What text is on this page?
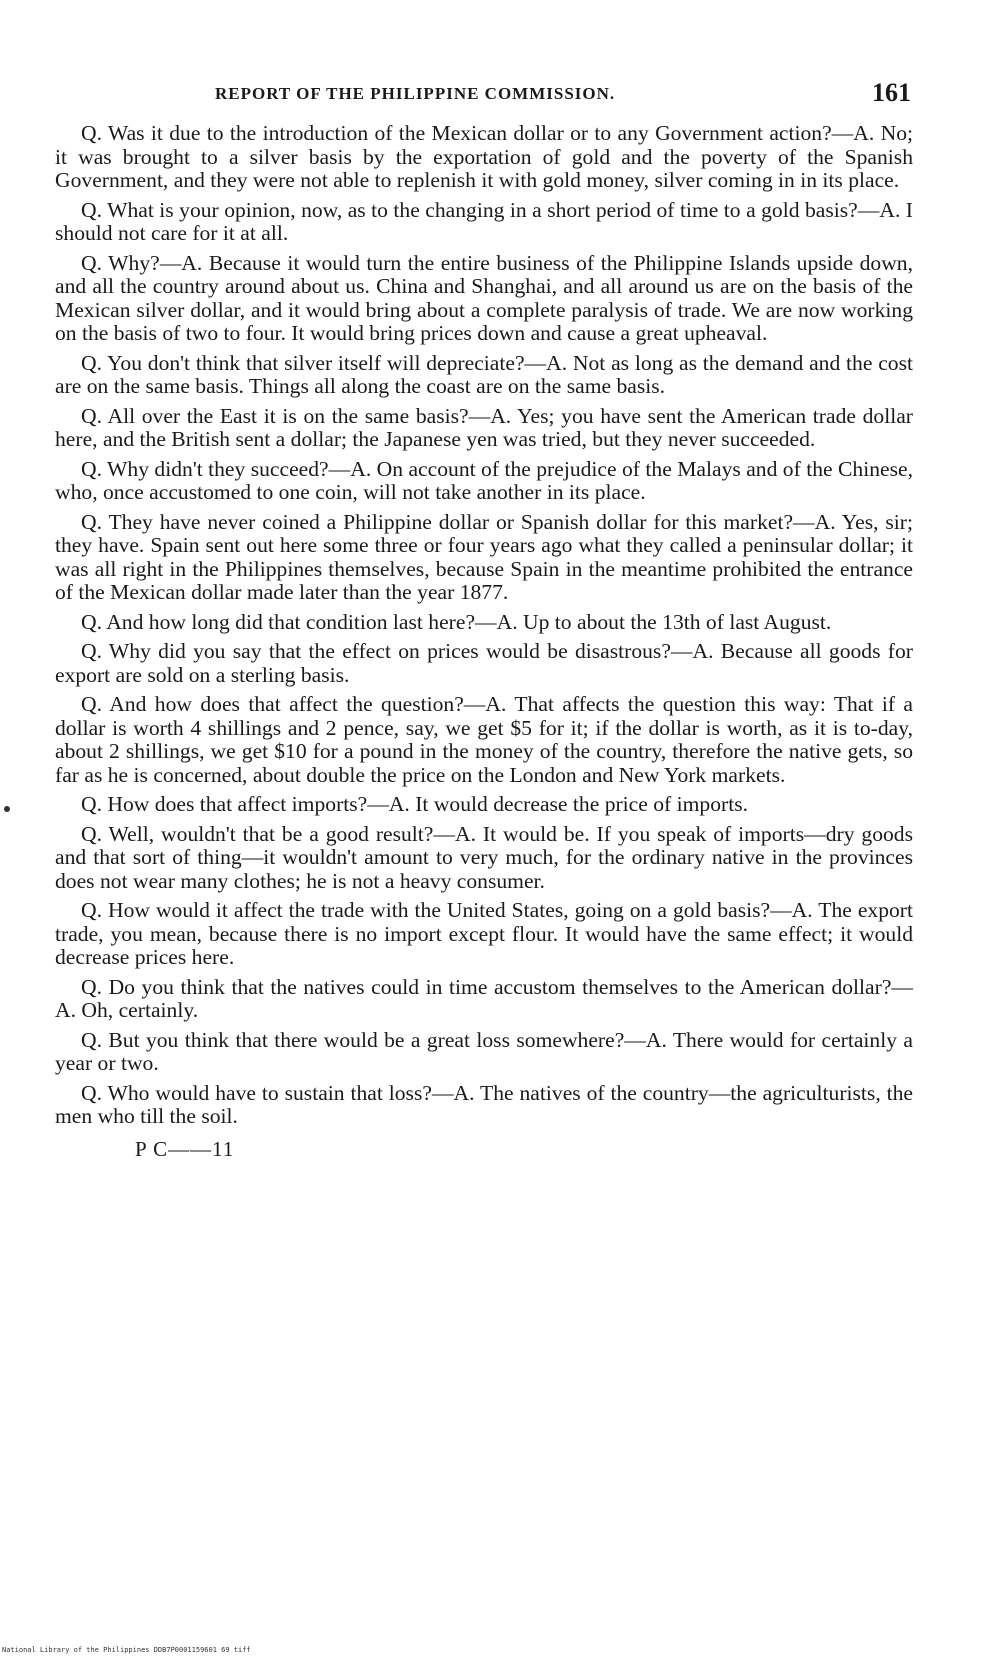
REPORT OF THE PHILIPPINE COMMISSION.	161

Q. Was it due to the introduction of the Mexican dollar or to any Government action?—A. No; it was brought to a silver basis by the exportation of gold and the poverty of the Spanish Government, and they were not able to replenish it with gold money, silver coming in in its place.

Q. What is your opinion, now, as to the changing in a short period of time to a gold basis?—A. I should not care for it at all.

Q. Why?—A. Because it would turn the entire business of the Philippine Islands upside down, and all the country around about us. China and Shanghai, and all around us are on the basis of the Mexican silver dollar, and it would bring about a complete paralysis of trade. We are now working on the basis of two to four. It would bring prices down and cause a great upheaval.

Q. You don't think that silver itself will depreciate?—A. Not as long as the demand and the cost are on the same basis. Things all along the coast are on the same basis.

Q. All over the East it is on the same basis?—A. Yes; you have sent the American trade dollar here, and the British sent a dollar; the Japanese yen was tried, but they never succeeded.

Q. Why didn't they succeed?—A. On account of the prejudice of the Malays and of the Chinese, who, once accustomed to one coin, will not take another in its place.

Q. They have never coined a Philippine dollar or Spanish dollar for this market?—A. Yes, sir; they have. Spain sent out here some three or four years ago what they called a peninsular dollar; it was all right in the Philippines themselves, because Spain in the meantime prohibited the entrance of the Mexican dollar made later than the year 1877.

Q. And how long did that condition last here?—A. Up to about the 13th of last August.

Q. Why did you say that the effect on prices would be disastrous?—A. Because all goods for export are sold on a sterling basis.

Q. And how does that affect the question?—A. That affects the question this way: That if a dollar is worth 4 shillings and 2 pence, say, we get $5 for it; if the dollar is worth, as it is to-day, about 2 shillings, we get $10 for a pound in the money of the country, therefore the native gets, so far as he is concerned, about double the price on the London and New York markets.

Q. How does that affect imports?—A. It would decrease the price of imports.

Q. Well, wouldn't that be a good result?—A. It would be. If you speak of imports—dry goods and that sort of thing—it wouldn't amount to very much, for the ordinary native in the provinces does not wear many clothes; he is not a heavy consumer.

Q. How would it affect the trade with the United States, going on a gold basis?—A. The export trade, you mean, because there is no import except flour. It would have the same effect; it would decrease prices here.

Q. Do you think that the natives could in time accustom themselves to the American dollar?—A. Oh, certainly.

Q. But you think that there would be a great loss somewhere?—A. There would for certainly a year or two.

Q. Who would have to sustain that loss?—A. The natives of the country—the agriculturists, the men who till the soil.

P C——11
National Library of the Philippines DDB7P0001159601 69 tiff
